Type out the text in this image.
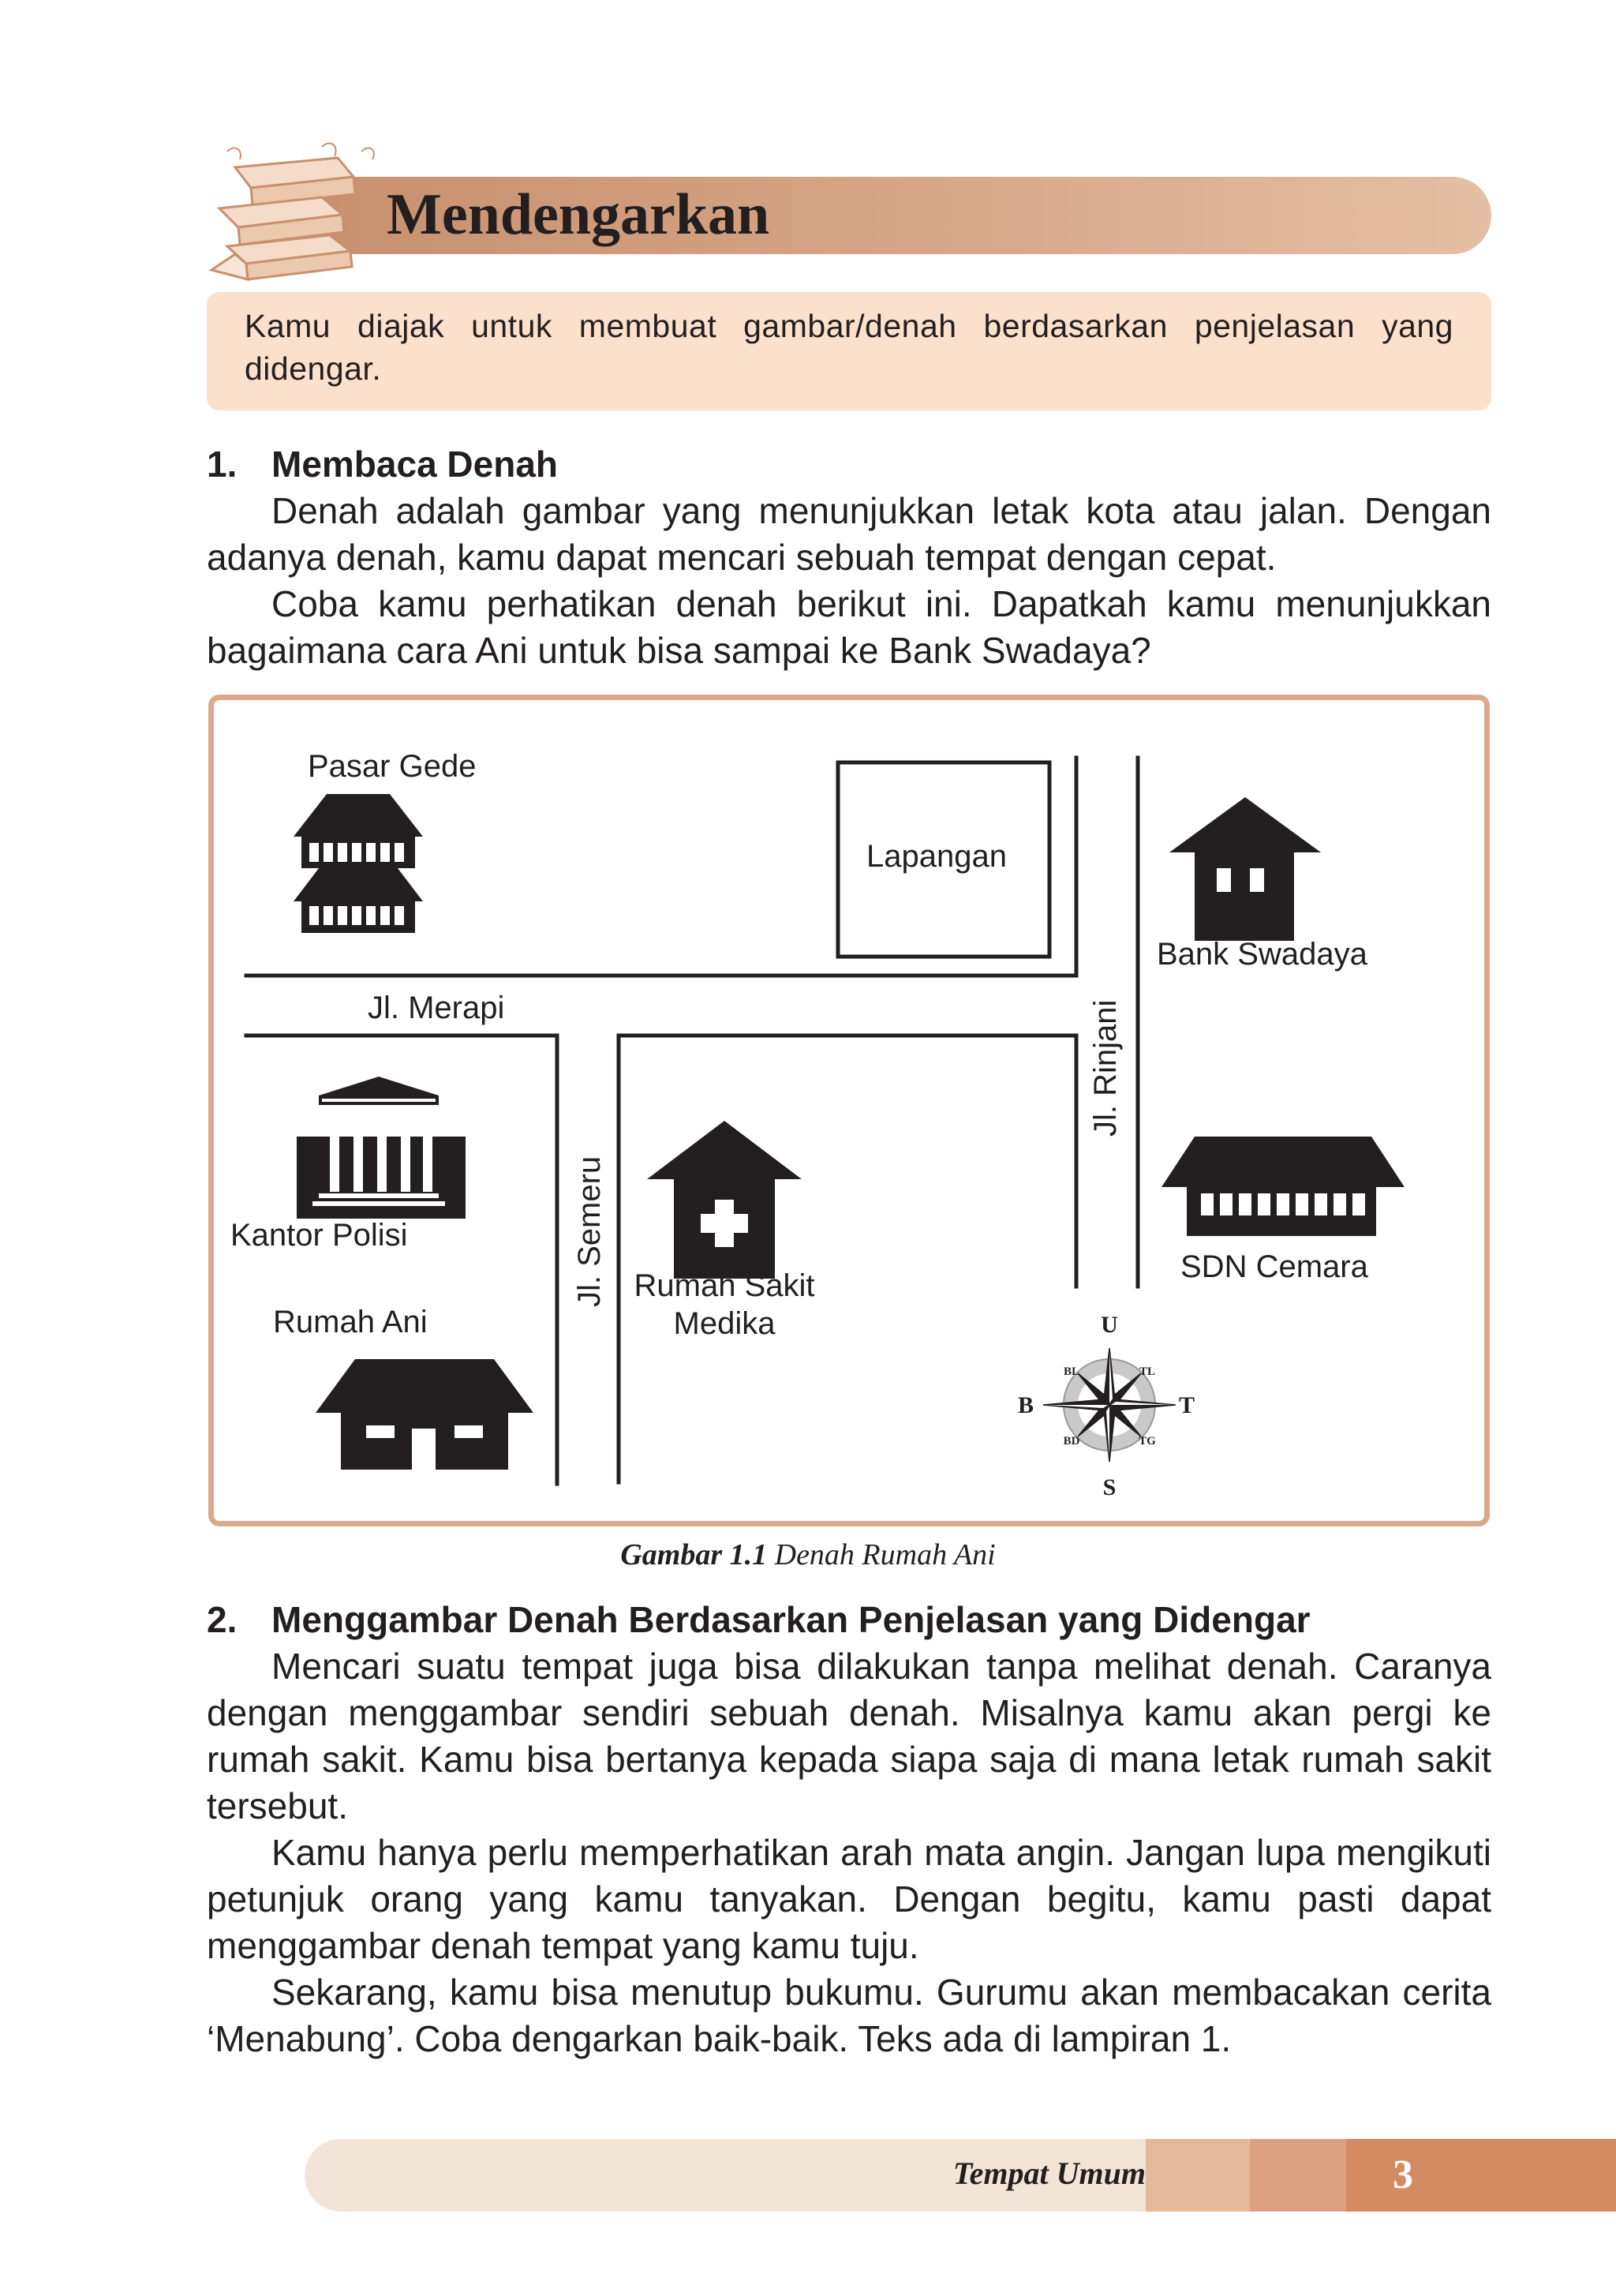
Mendengarkan
Kamu diajak untuk membuat gambar/denah berdasarkan penjelasan yang didengar.
1. Membaca Denah

Denah adalah gambar yang menunjukkan letak kota atau jalan. Dengan adanya denah, kamu dapat mencari sebuah tempat dengan cepat.

Coba kamu perhatikan denah berikut ini. Dapatkah kamu menunjukkan bagaimana cara Ani untuk bisa sampai ke Bank Swadaya?

Pasar Gede
Lapangan
Bank Swadaya
Jl. Merapi	Jl. Rinjani
Jl. Semeru
Kantor Polisi
Rumah Ani
Rumah Sakit
Medika
SDN Cemara
U
S
B	T
BL	TL
BD	TG
Gambar 1.1 Denah Rumah Ani
2. Menggambar Denah Berdasarkan Penjelasan yang Didengar

Mencari suatu tempat juga bisa dilakukan tanpa melihat denah. Caranya dengan menggambar sendiri sebuah denah. Misalnya kamu akan pergi ke rumah sakit. Kamu bisa bertanya kepada siapa saja di mana letak rumah sakit tersebut.

Kamu hanya perlu memperhatikan arah mata angin. Jangan lupa mengikuti petunjuk orang yang kamu tanyakan. Dengan begitu, kamu pasti dapat menggambar denah tempat yang kamu tuju.

Sekarang, kamu bisa menutup bukumu. Gurumu akan membacakan cerita ‘Menabung’. Coba dengarkan baik-baik. Teks ada di lampiran 1.

Tempat Umum	3
